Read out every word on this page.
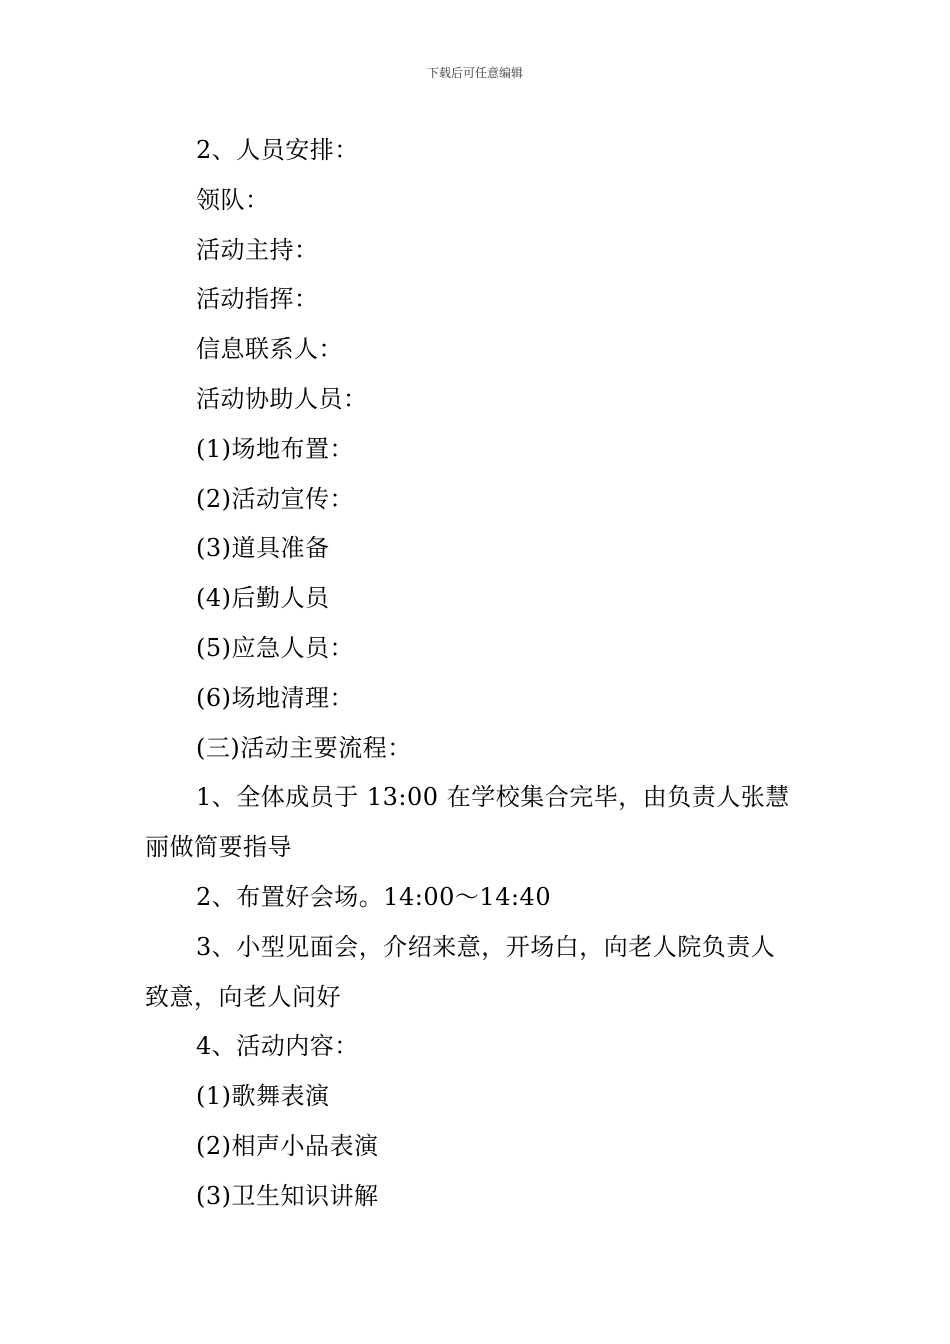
下载后可任意编辑
2、人员安排：
领队：
活动主持：
活动指挥：
信息联系人：
活动协助人员：
(1)场地布置：
(2)活动宣传：
(3)道具准备
(4)后勤人员
(5)应急人员：
(6)场地清理：
(三)活动主要流程：
1、全体成员于 13:00 在学校集合完毕，由负责人张慧
丽做简要指导
2、布置好会场。14:00～14:40
3、小型见面会，介绍来意，开场白，向老人院负责人
致意，向老人问好
4、活动内容：
(1)歌舞表演
(2)相声小品表演
(3)卫生知识讲解
